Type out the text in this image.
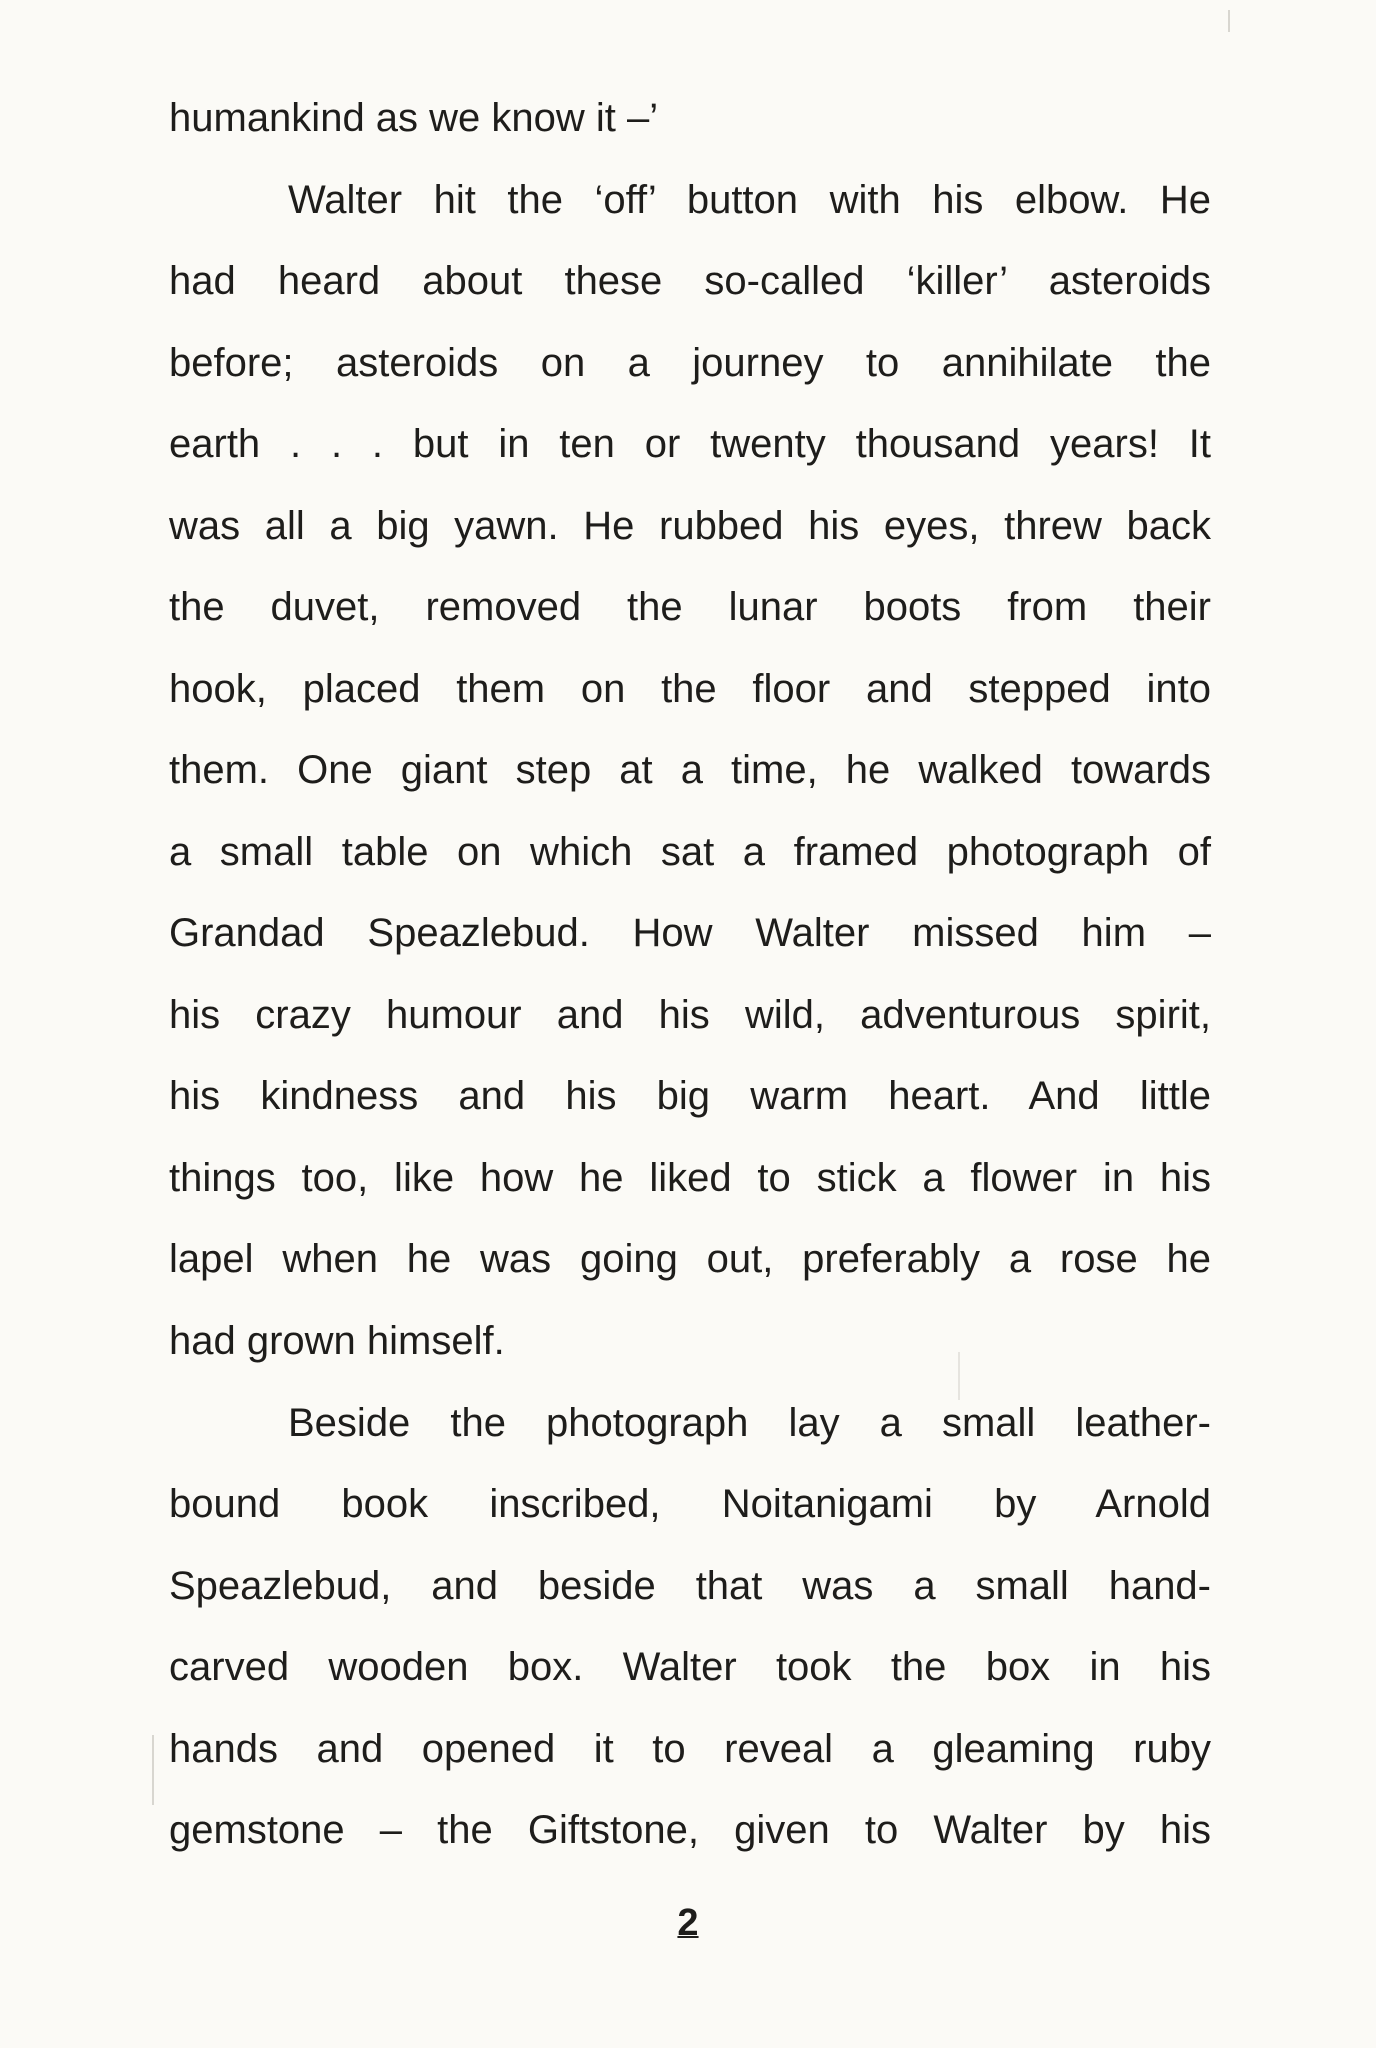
humankind as we know it –’
Walter hit the ‘off’ button with his elbow. He
had heard about these so-called ‘killer’ asteroids
before; asteroids on a journey to annihilate the
earth . . . but in ten or twenty thousand years! It
was all a big yawn. He rubbed his eyes, threw back
the duvet, removed the lunar boots from their
hook, placed them on the floor and stepped into
them. One giant step at a time, he walked towards
a small table on which sat a framed photograph of
Grandad Speazlebud. How Walter missed him –
his crazy humour and his wild, adventurous spirit,
his kindness and his big warm heart. And little
things too, like how he liked to stick a flower in his
lapel when he was going out, preferably a rose he
had grown himself.
Beside the photograph lay a small leather-
bound book inscribed, Noitanigami by Arnold
Speazlebud, and beside that was a small hand-
carved wooden box. Walter took the box in his
hands and opened it to reveal a gleaming ruby
gemstone – the Giftstone, given to Walter by his
2
